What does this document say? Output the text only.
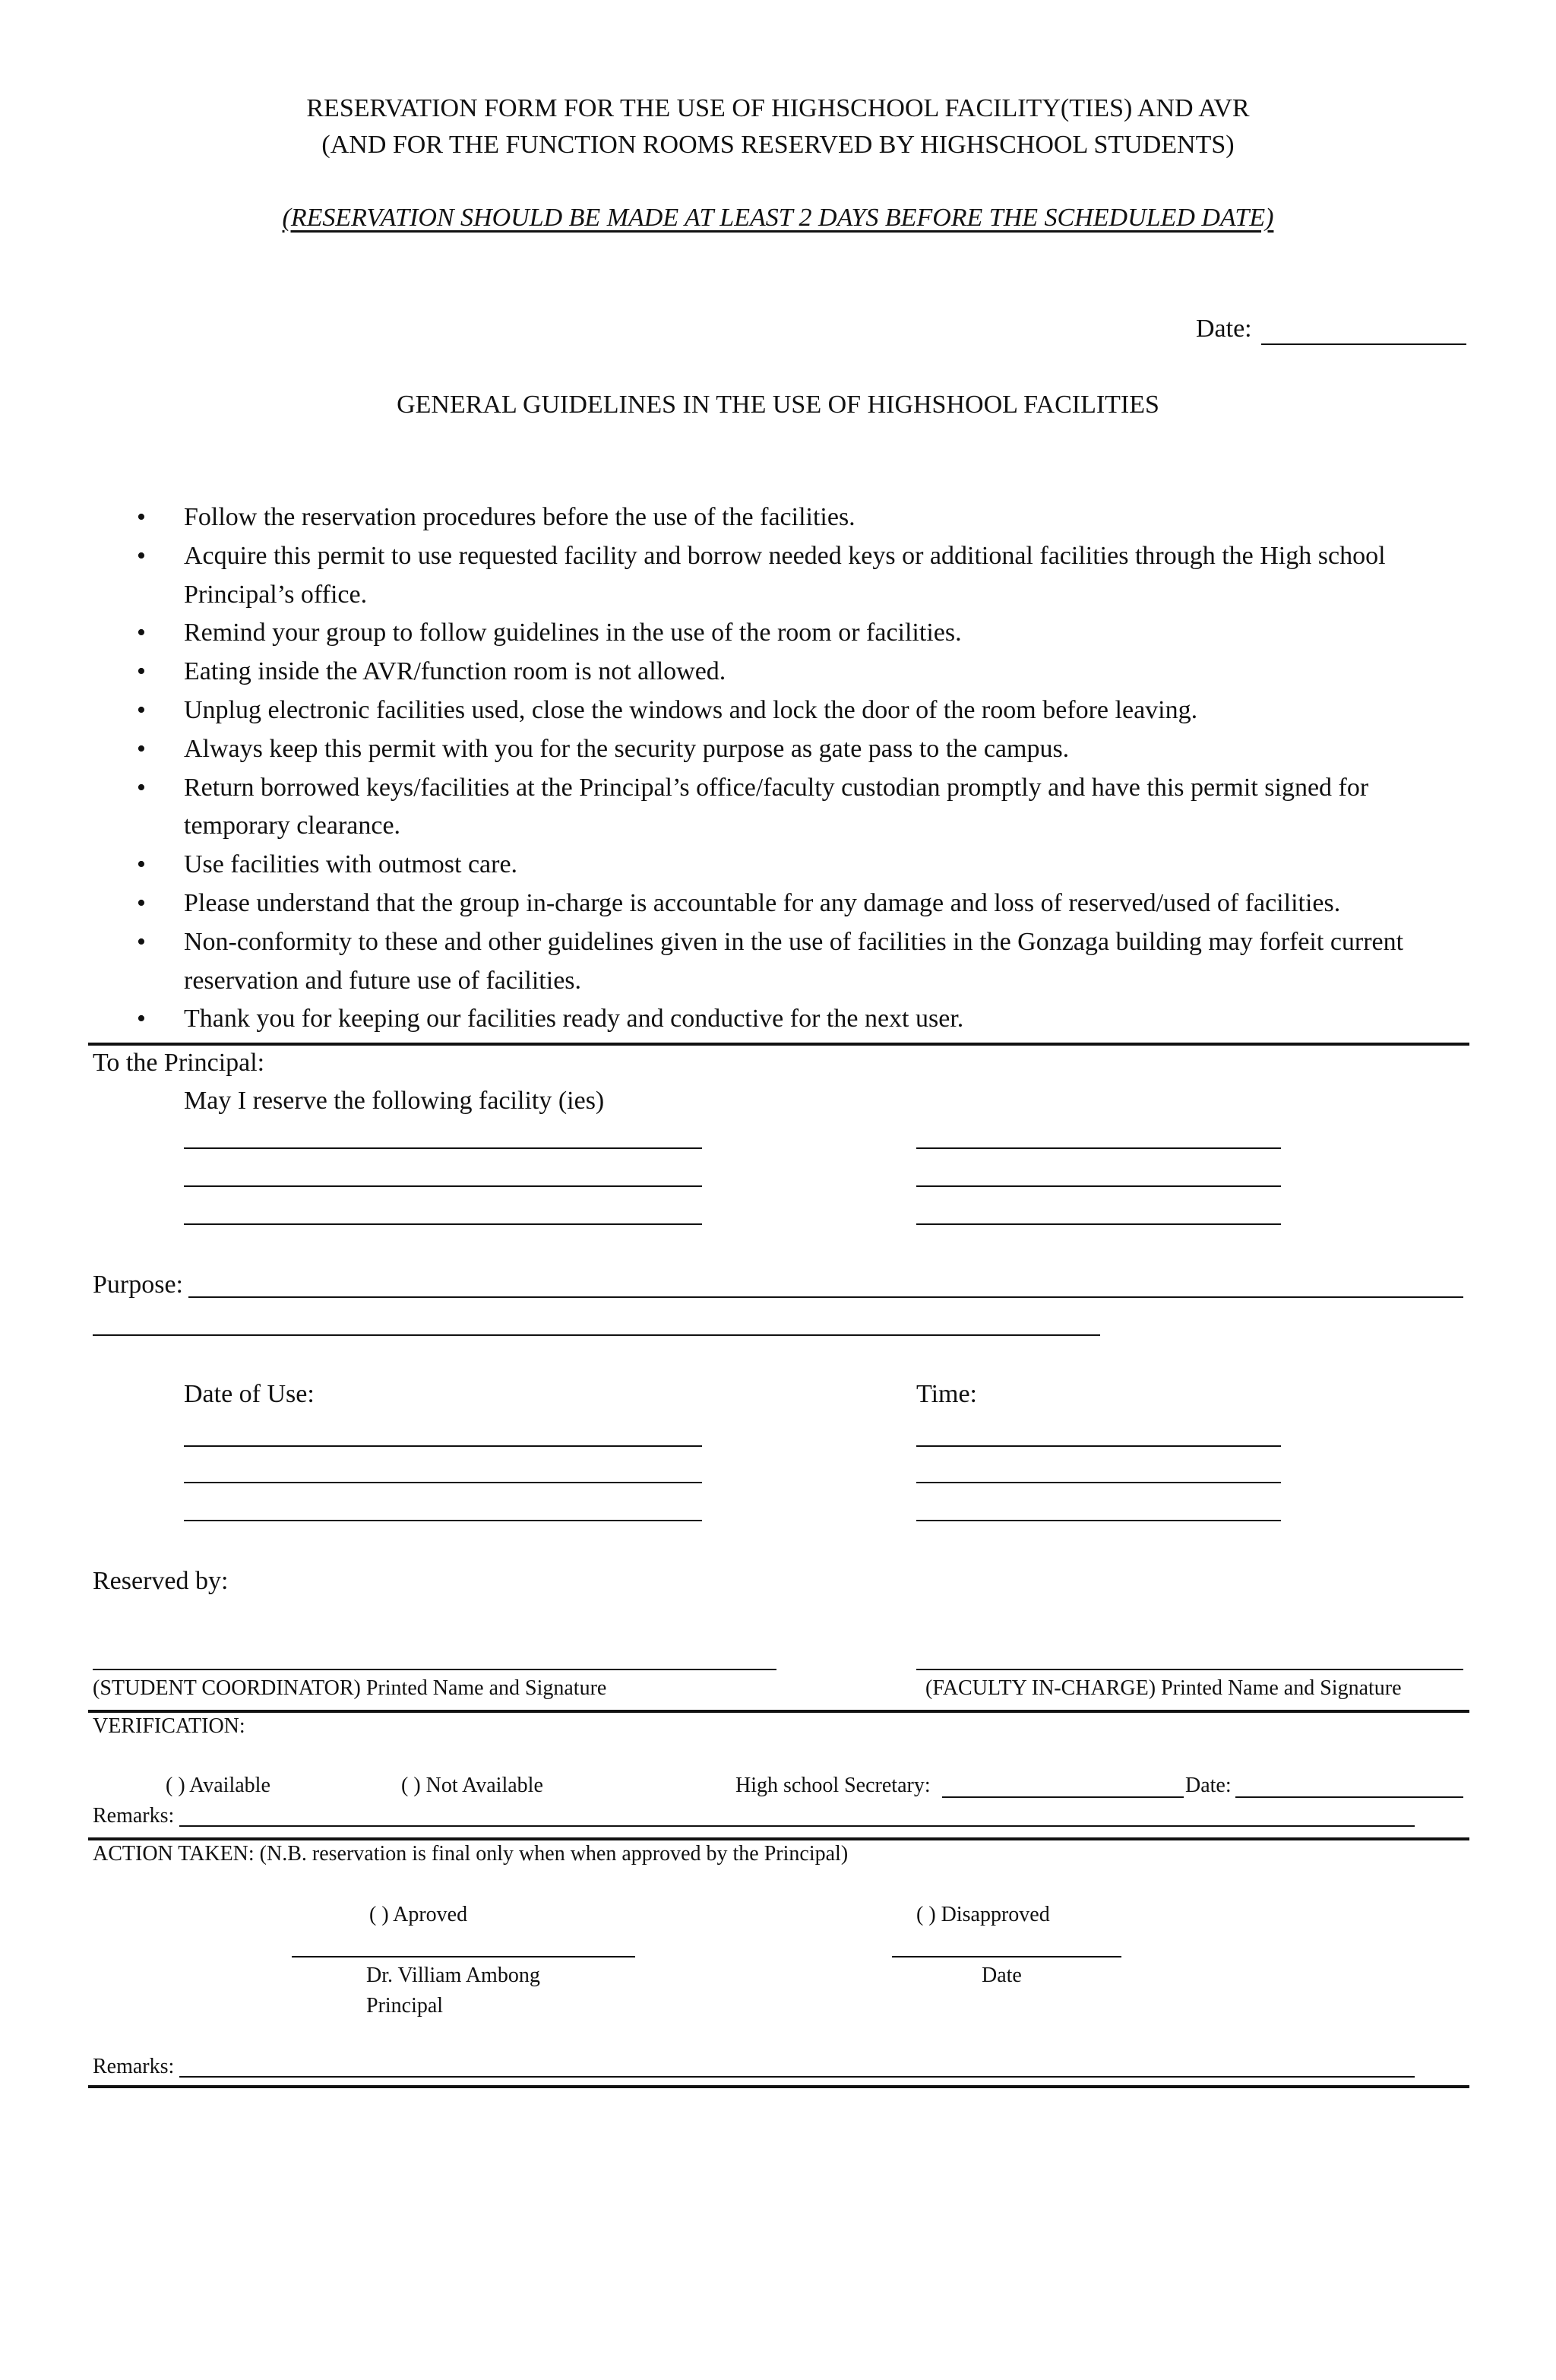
RESERVATION FORM FOR THE USE OF HIGHSCHOOL FACILITY(TIES) AND AVR
(AND FOR THE FUNCTION ROOMS RESERVED BY HIGHSCHOOL STUDENTS)
(RESERVATION SHOULD BE MADE AT LEAST 2 DAYS BEFORE THE SCHEDULED DATE)
Date:
GENERAL GUIDELINES IN THE USE OF HIGHSHOOL FACILITIES
• Follow the reservation procedures before the use of the facilities.
• Acquire this permit to use requested facility and borrow needed keys or additional facilities through the High school Principal’s office.
• Remind your group to follow guidelines in the use of the room or facilities.
• Eating inside the AVR/function room is not allowed.
• Unplug electronic facilities used, close the windows and lock the door of the room before leaving.
• Always keep this permit with you for the security purpose as gate pass to the campus.
• Return borrowed keys/facilities at the Principal’s office/faculty custodian promptly and have this permit signed for temporary clearance.
• Use facilities with outmost care.
• Please understand that the group in-charge is accountable for any damage and loss of reserved/used of facilities.
• Non-conformity to these and other guidelines given in the use of facilities in the Gonzaga building may forfeit current reservation and future use of facilities.
• Thank you for keeping our facilities ready and conductive for the next user.
To the Principal:
May I reserve the following facility (ies)
Purpose:
Date of Use:	Time:
Reserved by:
(STUDENT COORDINATOR) Printed Name and Signature	(FACULTY IN-CHARGE) Printed Name and Signature
VERIFICATION:
( ) Available	( ) Not Available	High school Secretary:	Date:
Remarks:
ACTION TAKEN: (N.B. reservation is final only when when approved by the Principal)
( ) Aproved	( ) Disapproved
Dr. Villiam Ambong	Date
Principal
Remarks:
